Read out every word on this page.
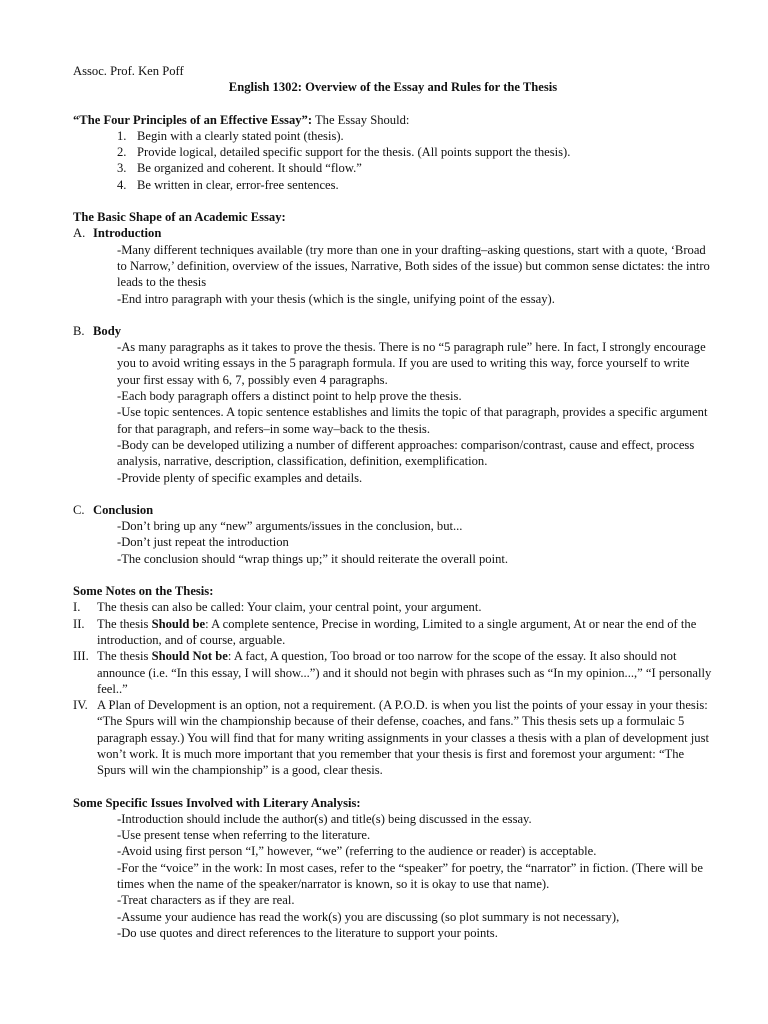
Assoc. Prof. Ken Poff

English 1302: Overview of the Essay and Rules for the Thesis

“The Four Principles of an Effective Essay”: The Essay Should:

1. Begin with a clearly stated point (thesis).
2. Provide logical, detailed specific support for the thesis. (All points support the thesis).
3. Be organized and coherent. It should “flow.”
4. Be written in clear, error-free sentences.

The Basic Shape of an Academic Essay:

A. Introduction

-Many different techniques available (try more than one in your drafting–asking questions, start with a quote, ‘Broad to Narrow,’ definition, overview of the issues, Narrative, Both sides of the issue) but common sense dictates: the intro leads to the thesis

-End intro paragraph with your thesis (which is the single, unifying point of the essay).

B. Body

-As many paragraphs as it takes to prove the thesis. There is no “5 paragraph rule” here. In fact, I strongly encourage you to avoid writing essays in the 5 paragraph formula. If you are used to writing this way, force yourself to write your first essay with 6, 7, possibly even 4 paragraphs.

-Each body paragraph offers a distinct point to help prove the thesis.

-Use topic sentences. A topic sentence establishes and limits the topic of that paragraph, provides a specific argument for that paragraph, and refers–in some way–back to the thesis.

-Body can be developed utilizing a number of different approaches: comparison/contrast, cause and effect, process analysis, narrative, description, classification, definition, exemplification.

-Provide plenty of specific examples and details.

C. Conclusion

-Don’t bring up any “new” arguments/issues in the conclusion, but...

-Don’t just repeat the introduction

-The conclusion should “wrap things up;” it should reiterate the overall point.

Some Notes on the Thesis:

I. The thesis can also be called: Your claim, your central point, your argument.

II. The thesis Should be: A complete sentence, Precise in wording, Limited to a single argument, At or near the end of the introduction, and of course, arguable.

III. The thesis Should Not be: A fact, A question, Too broad or too narrow for the scope of the essay. It also should not announce (i.e. “In this essay, I will show...”) and it should not begin with phrases such as “In my opinion...,” “I personally feel..”

IV. A Plan of Development is an option, not a requirement. (A P.O.D. is when you list the points of your essay in your thesis: “The Spurs will win the championship because of their defense, coaches, and fans.” This thesis sets up a formulaic 5 paragraph essay.) You will find that for many writing assignments in your classes a thesis with a plan of development just won’t work. It is much more important that you remember that your thesis is first and foremost your argument: “The Spurs will win the championship” is a good, clear thesis.

Some Specific Issues Involved with Literary Analysis:

-Introduction should include the author(s) and title(s) being discussed in the essay.

-Use present tense when referring to the literature.

-Avoid using first person “I,” however, “we” (referring to the audience or reader) is acceptable.

-For the “voice” in the work: In most cases, refer to the “speaker” for poetry, the “narrator” in fiction. (There will be times when the name of the speaker/narrator is known, so it is okay to use that name).

-Treat characters as if they are real.

-Assume your audience has read the work(s) you are discussing (so plot summary is not necessary),

-Do use quotes and direct references to the literature to support your points.
